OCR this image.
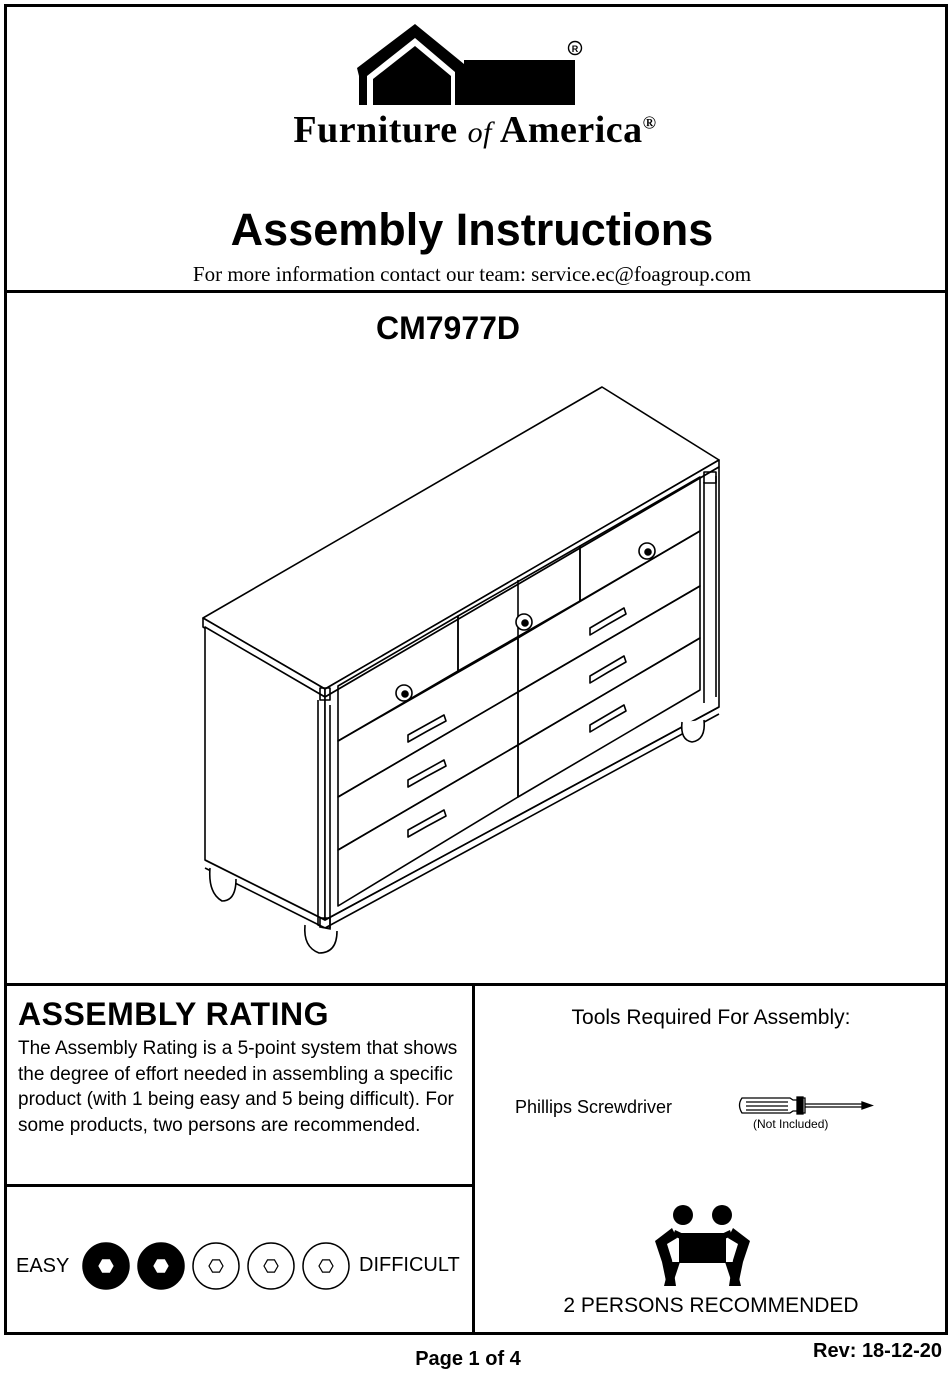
R
Furniture of America®
Assembly Instructions
For more information contact our team: service.ec@foagroup.com
CM7977D
ASSEMBLY RATING
The Assembly Rating is a 5-point system that shows the degree of effort needed in assembling a specific product (with 1 being easy and 5 being difficult). For some products, two persons are recommended.
Tools Required For Assembly:
Phillips Screwdriver
(Not Included)
EASY	DIFFICULT
2 PERSONS RECOMMENDED
Page 1 of 4	Rev: 18-12-20
